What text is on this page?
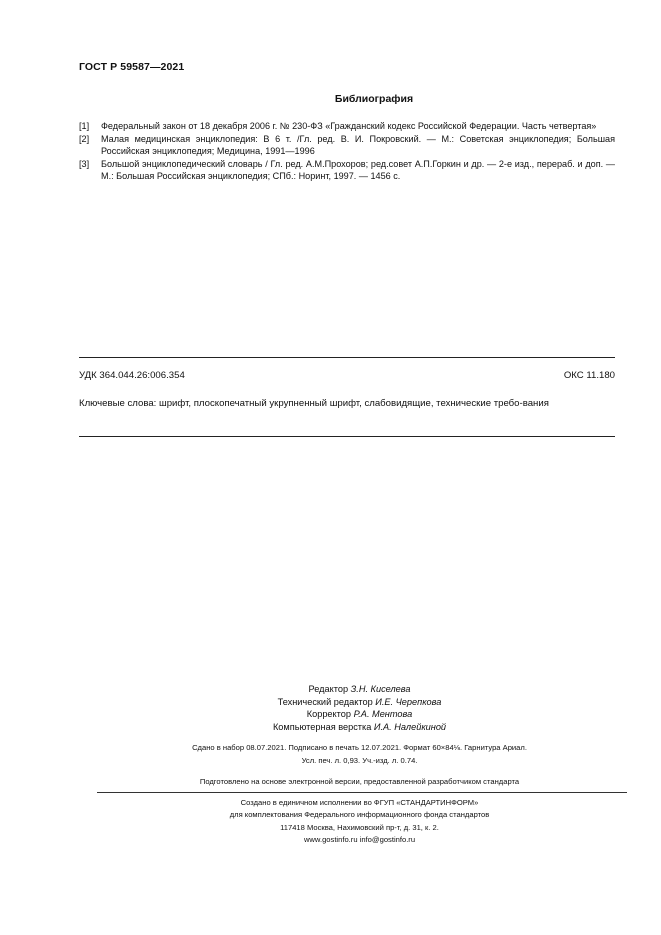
ГОСТ Р 59587—2021
Библиография
[1]	Федеральный закон от 18 декабря 2006 г. № 230-ФЗ «Гражданский кодекс Российской Федерации. Часть четвертая»
[2]	Малая медицинская энциклопедия: В 6 т. /Гл. ред. В. И. Покровский. — М.: Советская энциклопедия; Большая Российская энциклопедия; Медицина, 1991—1996
[3]	Большой энциклопедический словарь / Гл. ред. А.М.Прохоров; ред.совет А.П.Горкин и др. — 2-е изд., перераб. и доп. — М.: Большая Российская энциклопедия; СПб.: Норинт, 1997. — 1456 с.
УДК 364.044.26:006.354	ОКС 11.180
Ключевые слова: шрифт, плоскопечатный укрупненный шрифт, слабовидящие, технические требо-вания
Редактор З.Н. Киселева
Технический редактор И.Е. Черепкова
Корректор Р.А. Ментова
Компьютерная верстка И.А. Налейкиной
Сдано в набор 08.07.2021. Подписано в печать 12.07.2021. Формат 60×84⅛. Гарнитура Ариал.
Усл. печ. л. 0,93. Уч.-изд. л. 0.74.
Подготовлено на основе электронной версии, предоставленной разработчиком стандарта
Создано в единичном исполнении во ФГУП «СТАНДАРТИНФОРМ»
для комплектования Федерального информационного фонда стандартов
117418 Москва, Нахимовский пр-т, д. 31, к. 2.
www.gostinfo.ru info@gostinfo.ru
